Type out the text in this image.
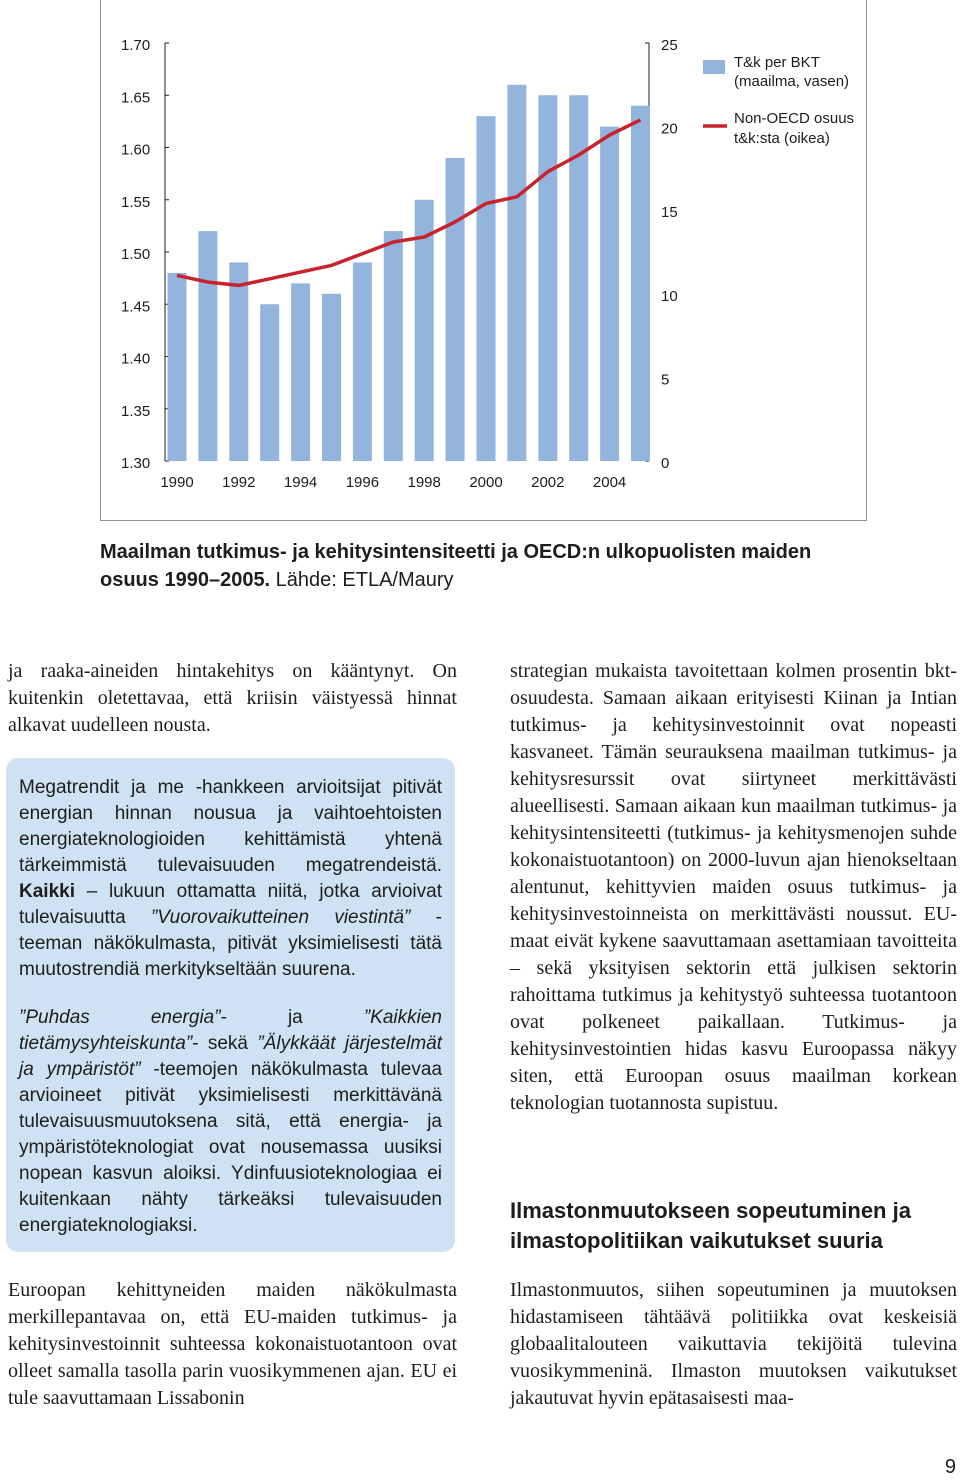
1.70
1.65
1.60
1.55
1.50
1.45
1.40
1.35
1.30
25
20
15
10
5
0
1990 1992 1994 1996 1998 2000 2002 2004
T&k per BKT
(maailma, vasen)
Non-OECD osuus
t&k:sta (oikea)
Maailman tutkimus- ja kehitysintensiteetti ja OECD:n ulkopuolisten maiden osuus 1990–2005. Lähde: ETLA/Maury

ja raaka-aineiden hintakehitys on kääntynyt. On kuitenkin oletettavaa, että kriisin väistyessä hinnat alkavat uudelleen nousta.

Megatrendit ja me -hankkeen arvioitsijat pitivät energian hinnan nousua ja vaihtoehtoisten energiateknologioiden kehittämistä yhtenä tärkeimmistä tulevaisuuden megatrendeistä. Kaikki – lukuun ottamatta niitä, jotka arvioivat tulevaisuutta ”Vuorovaikutteinen viestintä” -teeman näkökulmasta, pitivät yksimielisesti tätä muutostrendiä merkitykseltään suurena.

”Puhdas energia”- ja ”Kaikkien tietämysyhteiskunta”- sekä ”Älykkäät järjestelmät ja ympäristöt” -teemojen näkökulmasta tulevaa arvioineet pitivät yksimielisesti merkittävänä tulevaisuusmuutoksena sitä, että energia- ja ympäristöteknologiat ovat nousemassa uusiksi nopean kasvun aloiksi. Ydinfuusioteknologiaa ei kuitenkaan nähty tärkeäksi tulevaisuuden energiateknologiaksi.

Euroopan kehittyneiden maiden näkökulmasta merkillepantavaa on, että EU-maiden tutkimus- ja kehitysinvestoinnit suhteessa kokonaistuotantoon ovat olleet samalla tasolla parin vuosikymmenen ajan. EU ei tule saavuttamaan Lissabonin

strategian mukaista tavoitettaan kolmen prosentin bkt-osuudesta. Samaan aikaan erityisesti Kiinan ja Intian tutkimus- ja kehitysinvestoinnit ovat nopeasti kasvaneet. Tämän seurauksena maailman tutkimus- ja kehitysresurssit ovat siirtyneet merkittävästi alueellisesti. Samaan aikaan kun maailman tutkimus- ja kehitysintensiteetti (tutkimus- ja kehitysmenojen suhde kokonaistuotantoon) on 2000-luvun ajan hienokseltaan alentunut, kehittyvien maiden osuus tutkimus- ja kehitysinvestoinneista on merkittävästi noussut. EU-maat eivät kykene saavuttamaan asettamiaan tavoitteita – sekä yksityisen sektorin että julkisen sektorin rahoittama tutkimus ja kehitystyö suhteessa tuotantoon ovat polkeneet paikallaan. Tutkimus- ja kehitysinvestointien hidas kasvu Euroopassa näkyy siten, että Euroopan osuus maailman korkean teknologian tuotannosta supistuu.

Ilmastonmuutokseen sopeutuminen ja ilmastopolitiikan vaikutukset suuria

Ilmastonmuutos, siihen sopeutuminen ja muutoksen hidastamiseen tähtäävä politiikka ovat keskeisiä globaalitalouteen vaikuttavia tekijöitä tulevina vuosikymmeninä. Ilmaston muutoksen vaikutukset jakautuvat hyvin epätasaisesti maa-

9
